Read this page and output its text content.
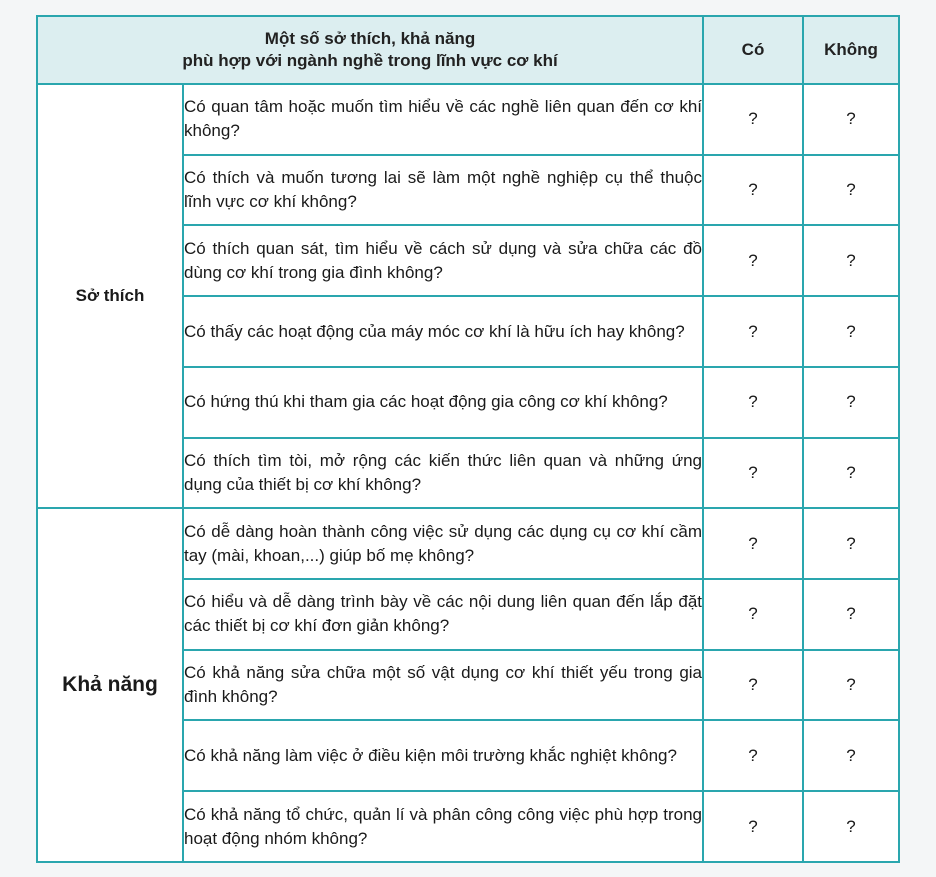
Một số sở thích, khả năng
phù hợp với ngành nghề trong lĩnh vực cơ khí		Có	Không
Sở thích	Có quan tâm hoặc muốn tìm hiểu về các nghề liên quan đến cơ khí không?	?	?
	Có thích và muốn tương lai sẽ làm một nghề nghiệp cụ thể thuộc lĩnh vực cơ khí không?	?	?
	Có thích quan sát, tìm hiểu về cách sử dụng và sửa chữa các đồ dùng cơ khí trong gia đình không?	?	?
	Có thấy các hoạt động của máy móc cơ khí là hữu ích hay không?	?	?
	Có hứng thú khi tham gia các hoạt động gia công cơ khí không?	?	?
	Có thích tìm tòi, mở rộng các kiến thức liên quan và những ứng dụng của thiết bị cơ khí không?	?	?
Khả năng	Có dễ dàng hoàn thành công việc sử dụng các dụng cụ cơ khí cầm tay (mài, khoan,...) giúp bố mẹ không?	?	?
	Có hiểu và dễ dàng trình bày về các nội dung liên quan đến lắp đặt các thiết bị cơ khí đơn giản không?	?	?
	Có khả năng sửa chữa một số vật dụng cơ khí thiết yếu trong gia đình không?	?	?
	Có khả năng làm việc ở điều kiện môi trường khắc nghiệt không?	?	?
	Có khả năng tổ chức, quản lí và phân công công việc phù hợp trong hoạt động nhóm không?	?	?
